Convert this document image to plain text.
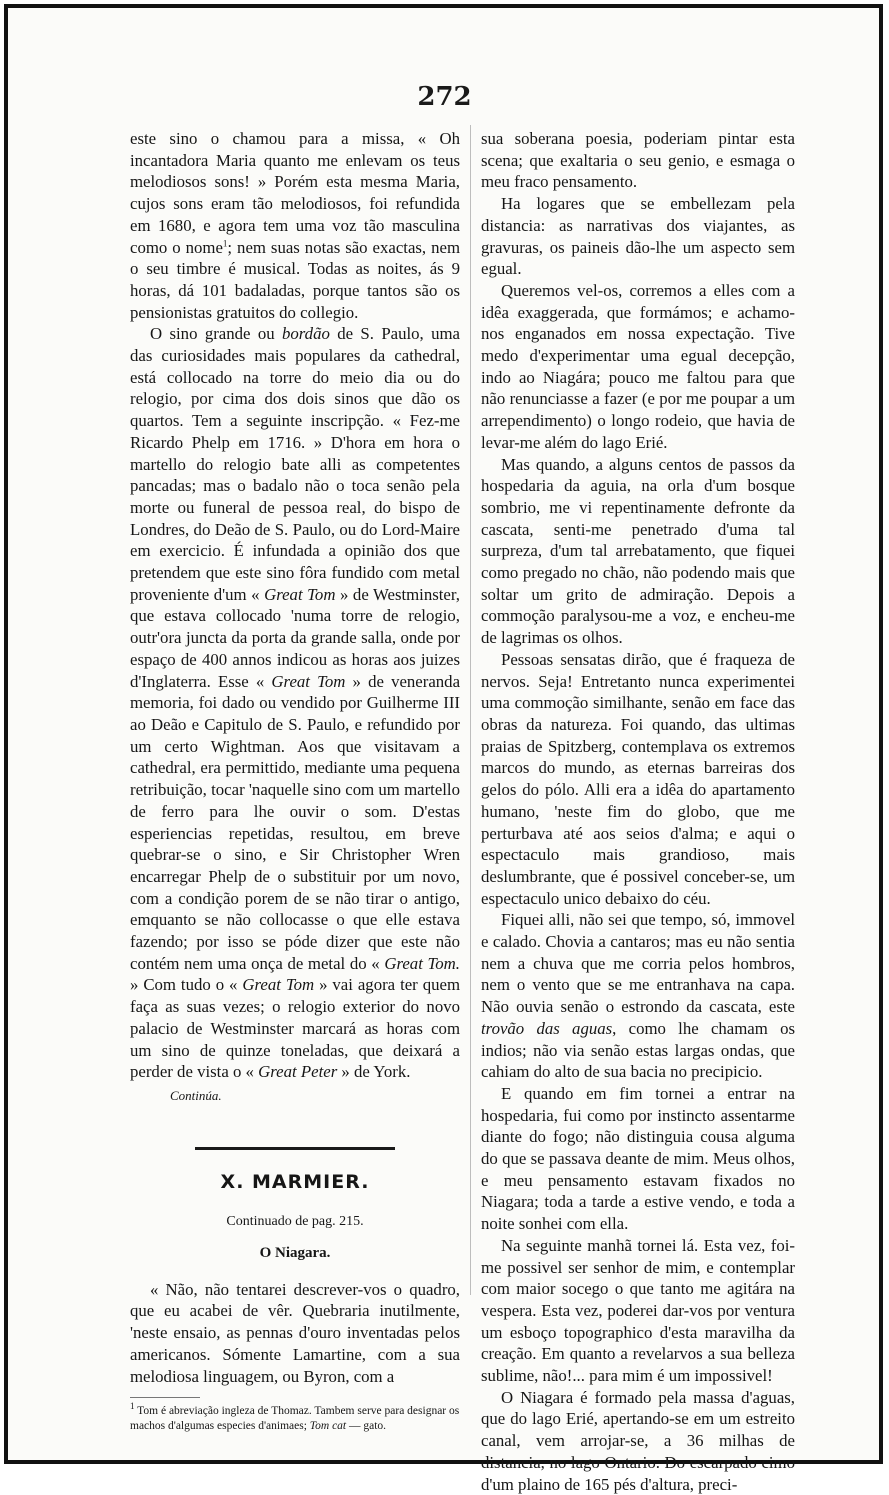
272

este sino o chamou para a missa, « Oh incantadora Maria quanto me enlevam os teus melodiosos sons! » Porém esta mesma Maria, cujos sons eram tão melodiosos, foi refundida em 1680, e agora tem uma voz tão masculina como o nome$^1$; nem suas notas são exactas, nem o seu timbre é musical. Todas as noites, ás 9 horas, dá 101 badaladas, porque tantos são os pensionistas gratuitos do collegio.

O sino grande ou bordão de S. Paulo, uma das curiosidades mais populares da cathedral, está collocado na torre do meio dia ou do relogio, por cima dos dois sinos que dão os quartos. Tem a seguinte inscripção. « Fez-me Ricardo Phelp em 1716. » D'hora em hora o martello do relogio bate alli as competentes pancadas; mas o badalo não o toca senão pela morte ou funeral de pessoa real, do bispo de Londres, do Deão de S. Paulo, ou do Lord-Maire em exercicio. É infundada a opinião dos que pretendem que este sino fôra fundido com metal proveniente d'um « Great Tom » de Westminster, que estava collocado 'numa torre de relogio, outr'ora juncta da porta da grande salla, onde por espaço de 400 annos indicou as horas aos juizes d'Inglaterra. Esse « Great Tom » de veneranda memoria, foi dado ou vendido por Guilherme III ao Deão e Capitulo de S. Paulo, e refundido por um certo Wightman. Aos que visitavam a cathedral, era permittido, mediante uma pequena retribuição, tocar 'naquelle sino com um martello de ferro para lhe ouvir o som. D'estas esperiencias repetidas, resultou, em breve quebrar-se o sino, e Sir Christopher Wren encarregar Phelp de o substituir por um novo, com a condição porem de se não tirar o antigo, emquanto se não collocasse o que elle estava fazendo; por isso se póde dizer que este não contém nem uma onça de metal do « Great Tom. » Com tudo o « Great Tom » vai agora ter quem faça as suas vezes; o relogio exterior do novo palacio de Westminster marcará as horas com um sino de quinze toneladas, que deixará a perder de vista o « Great Peter » de York.

Continúa.
X. MARMIER.
Continuado de pag. 215.
O Niagara.

« Não, não tentarei descrever-vos o quadro, que eu acabei de vêr. Quebraria inutilmente, 'neste ensaio, as pennas d'ouro inventadas pelos americanos. Sómente Lamartine, com a sua melodiosa linguagem, ou Byron, com a

$^1$ Tom é abreviação ingleza de Thomaz. Tambem serve para designar os machos d'algumas especies d'animaes; Tom cat — gato.

sua soberana poesia, poderiam pintar esta scena; que exaltaria o seu genio, e esmaga o meu fraco pensamento.

Ha logares que se embellezam pela distancia: as narrativas dos viajantes, as gravuras, os paineis dão-lhe um aspecto sem egual.

Queremos vel-os, corremos a elles com a idêa exaggerada, que formámos; e achamo-nos enganados em nossa expectação. Tive medo d'experimentar uma egual decepção, indo ao Niagára; pouco me faltou para que não renunciasse a fazer (e por me poupar a um arrependimento) o longo rodeio, que havia de levar-me além do lago Erié.

Mas quando, a alguns centos de passos da hospedaria da aguia, na orla d'um bosque sombrio, me vi repentinamente defronte da cascata, senti-me penetrado d'uma tal surpreza, d'um tal arrebatamento, que fiquei como pregado no chão, não podendo mais que soltar um grito de admiração. Depois a commoção paralysou-me a voz, e encheu-me de lagrimas os olhos.

Pessoas sensatas dirão, que é fraqueza de nervos. Seja! Entretanto nunca experimentei uma commoção similhante, senão em face das obras da natureza. Foi quando, das ultimas praias de Spitzberg, contemplava os extremos marcos do mundo, as eternas barreiras dos gelos do pólo. Alli era a idêa do apartamento humano, 'neste fim do globo, que me perturbava até aos seios d'alma; e aqui o espectaculo mais grandioso, mais deslumbrante, que é possivel conceber-se, um espectaculo unico debaixo do céu.

Fiquei alli, não sei que tempo, só, immovel e calado. Chovia a cantaros; mas eu não sentia nem a chuva que me corria pelos hombros, nem o vento que se me entranhava na capa. Não ouvia senão o estrondo da cascata, este trovão das aguas, como lhe chamam os indios; não via senão estas largas ondas, que cahiam do alto de sua bacia no precipicio.

E quando em fim tornei a entrar na hospedaria, fui como por instincto assentarme diante do fogo; não distinguia cousa alguma do que se passava deante de mim. Meus olhos, e meu pensamento estavam fixados no Niagara; toda a tarde a estive vendo, e toda a noite sonhei com ella.

Na seguinte manhã tornei lá. Esta vez, foi-me possivel ser senhor de mim, e contemplar com maior socego o que tanto me agitára na vespera. Esta vez, poderei dar-vos por ventura um esboço topographico d'esta maravilha da creação. Em quanto a revelarvos a sua belleza sublime, não!... para mim é um impossivel!

O Niagara é formado pela massa d'aguas, que do lago Erié, apertando-se em um estreito canal, vem arrojar-se, a 36 milhas de distancia, no lago Ontario. Do escarpado cimo d'um plaino de 165 pés d'altura, preci-
